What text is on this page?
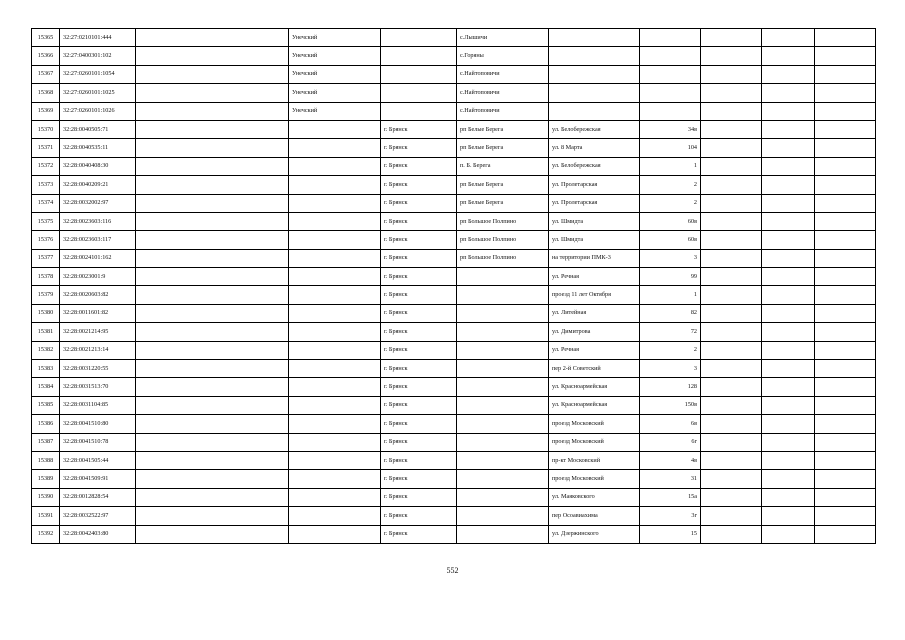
15365	32:27:0210101:444		Унечский		с.Лышичи					
15366	32:27:0400301:102		Унечский		с.Горяны					
15367	32:27:0260101:1054		Унечский		с.Найтоповичи					
15368	32:27:0260101:1025		Унечский		с.Найтоповичи					
15369	32:27:0260101:1026		Унечский		с.Найтоповичи					
15370	32:28:0040505:71			г. Брянск	рп Белые Берега	ул. Белобережская	34в			
15371	32:28:0040535:11			г. Брянск	рп Белые Берега	ул. 8 Марта	104			
15372	32:28:0040408:30			г. Брянск	п. Б. Берега	ул. Белобережская	1			
15373	32:28:0040209:21			г. Брянск	рп Белые Берега	ул. Пролетарская	2			
15374	32:28:0032002:97			г. Брянск	рп Белые Берега	ул. Пролетарская	2			
15375	32:28:0023603:116			г. Брянск	рп Большое Полпино	ул. Шмидта	60в			
15376	32:28:0023603:117			г. Брянск	рп Большое Полпино	ул. Шмидта	60в			
15377	32:28:0024101:162			г. Брянск	рп Большое Полпино	на территории ПМК-3	3			
15378	32:28:0023001:9			г. Брянск		ул. Речная	99			
15379	32:28:0020603:82			г. Брянск		проезд 11 лет Октября	1			
15380	32:28:0011601:82			г. Брянск		ул. Литейная	82			
15381	32:28:0021214:95			г. Брянск		ул. Димитрова	72			
15382	32:28:0021213:14			г. Брянск		ул. Речная	2			
15383	32:28:0031220:55			г. Брянск		пер 2-й Советский	3			
15384	32:28:0031513:70			г. Брянск		ул. Красноармейская	128			
15385	32:28:0031104:85			г. Брянск		ул. Красноармейская	150в			
15386	32:28:0041510:80			г. Брянск		проезд Московский	6в			
15387	32:28:0041510:78			г. Брянск		проезд Московский	6г			
15388	32:28:0041505:44			г. Брянск		пр-кт Московский	4в			
15389	32:28:0041509:91			г. Брянск		проезд Московский	31			
15390	32:28:0012828:54			г. Брянск		ул. Маяковского	15а			
15391	32:28:0032522:97			г. Брянск		пер Осоавиахима	3г			
15392	32:28:0042403:80			г. Брянск		ул. Дзержинского	15			
552
